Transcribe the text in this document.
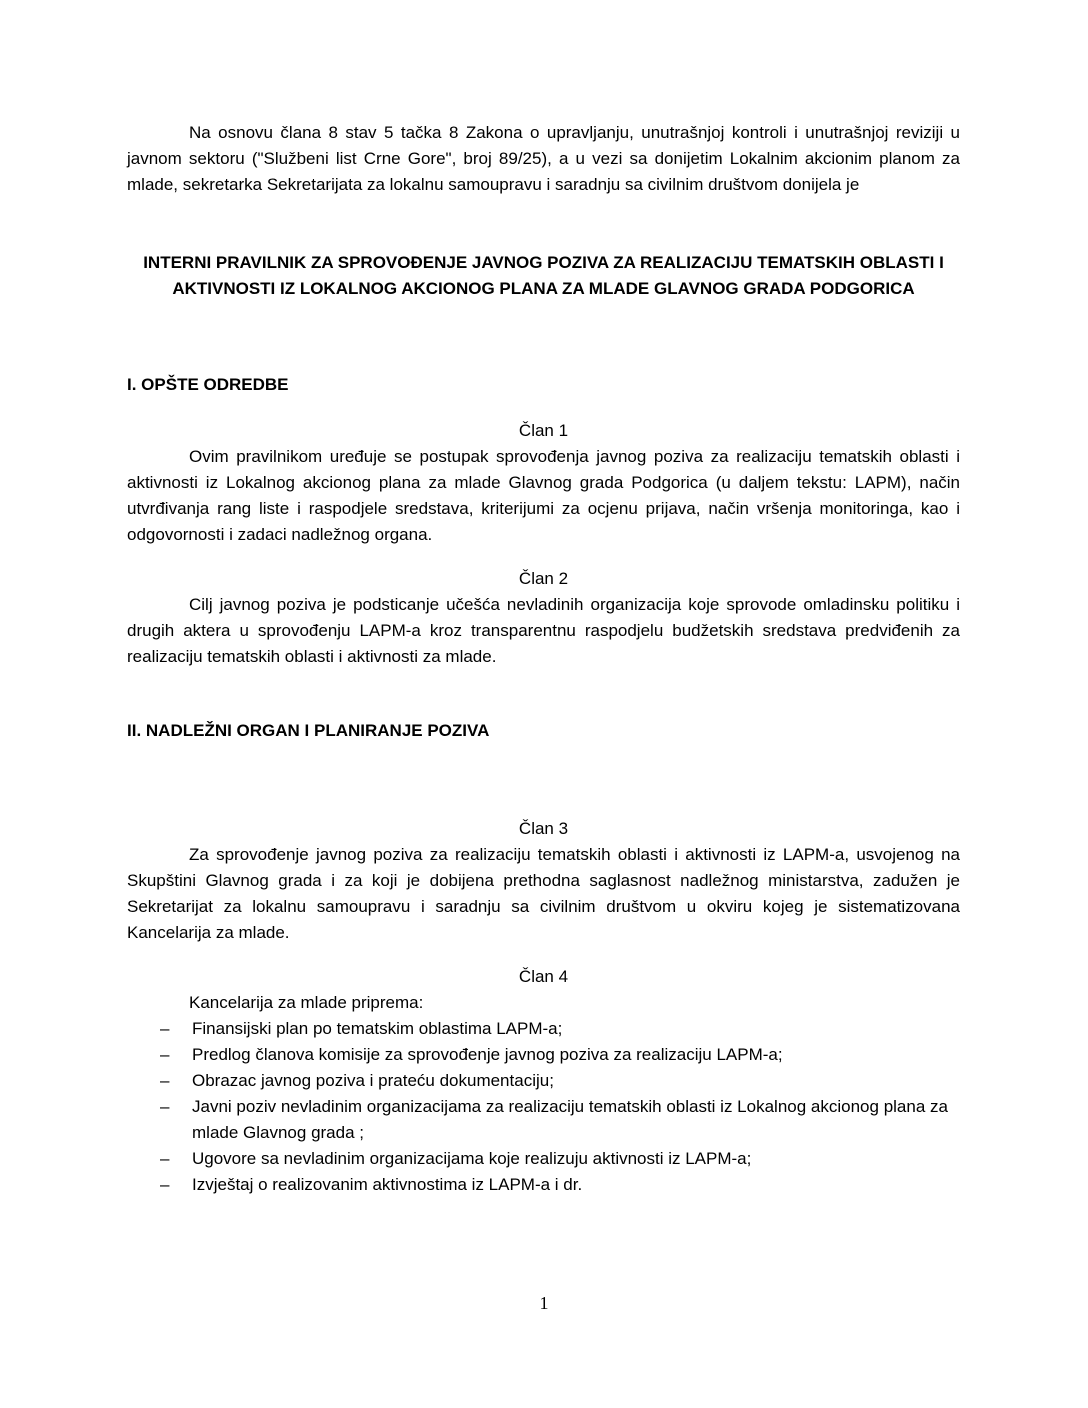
Na osnovu člana 8 stav 5 tačka 8 Zakona o upravljanju, unutrašnjoj kontroli i unutrašnjoj reviziji u javnom sektoru ("Službeni list Crne Gore", broj 89/25), a u vezi sa donijetim Lokalnim akcionim planom za mlade, sekretarka Sekretarijata za lokalnu samoupravu i saradnju sa civilnim društvom donijela je

INTERNI PRAVILNIK ZA SPROVOĐENJE JAVNOG POZIVA ZA REALIZACIJU TEMATSKIH OBLASTI I AKTIVNOSTI IZ LOKALNOG AKCIONOG PLANA ZA MLADE GLAVNOG GRADA PODGORICA

I. OPŠTE ODREDBE

Član 1

Ovim pravilnikom uređuje se postupak sprovođenja javnog poziva za realizaciju tematskih oblasti i aktivnosti iz Lokalnog akcionog plana za mlade Glavnog grada Podgorica (u daljem tekstu: LAPM), način utvrđivanja rang liste i raspodjele sredstava, kriterijumi za ocjenu prijava, način vršenja monitoringa, kao i odgovornosti i zadaci nadležnog organa.

Član 2

Cilj javnog poziva je podsticanje učešća nevladinih organizacija koje sprovode omladinsku politiku i drugih aktera u sprovođenju LAPM-a kroz transparentnu raspodjelu budžetskih sredstava predviđenih za realizaciju tematskih oblasti i aktivnosti za mlade.

II. NADLEŽNI ORGAN I PLANIRANJE POZIVA

Član 3

Za sprovođenje javnog poziva za realizaciju tematskih oblasti i aktivnosti iz LAPM-a, usvojenog na Skupštini Glavnog grada i za koji je dobijena prethodna saglasnost nadležnog ministarstva, zadužen je Sekretarijat za lokalnu samoupravu i saradnju sa civilnim društvom u okviru kojeg je sistematizovana Kancelarija za mlade.

Član 4

Kancelarija za mlade priprema:

–	Finansijski plan po tematskim oblastima LAPM-a;
–	Predlog članova komisije za sprovođenje javnog poziva za realizaciju LAPM-a;
–	Obrazac javnog poziva i prateću dokumentaciju;
–	Javni poziv nevladinim organizacijama za realizaciju tematskih oblasti iz Lokalnog akcionog plana za mlade Glavnog grada ;
–	Ugovore sa nevladinim organizacijama koje realizuju aktivnosti iz LAPM-a;
–	Izvještaj o realizovanim aktivnostima iz LAPM-a i dr.
1
